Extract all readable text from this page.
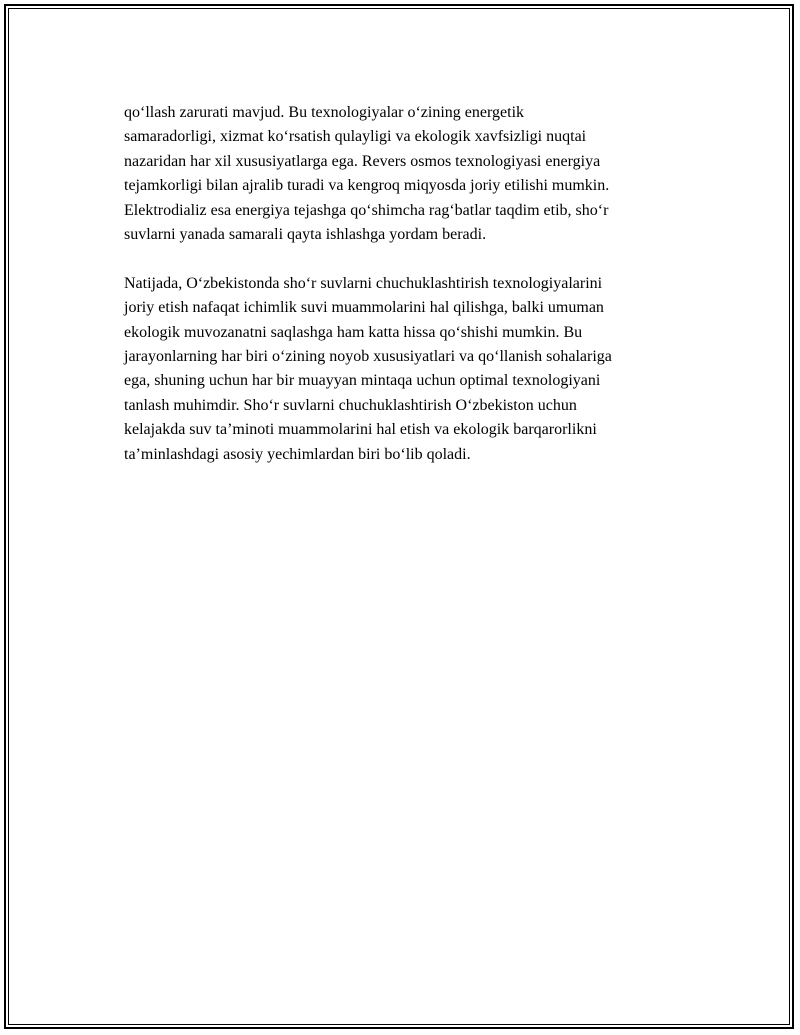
qo‘llash zarurati mavjud. Bu texnologiyalar o‘zining energetik
samaradorligi, xizmat ko‘rsatish qulayligi va ekologik xavfsizligi nuqtai
nazaridan har xil xususiyatlarga ega. Revers osmos texnologiyasi energiya
tejamkorligi bilan ajralib turadi va kengroq miqyosda joriy etilishi mumkin.
Elektrodializ esa energiya tejashga qo‘shimcha rag‘batlar taqdim etib, sho‘r
suvlarni yanada samarali qayta ishlashga yordam beradi.

Natijada, O‘zbekistonda sho‘r suvlarni chuchuklashtirish texnologiyalarini
joriy etish nafaqat ichimlik suvi muammolarini hal qilishga, balki umuman
ekologik muvozanatni saqlashga ham katta hissa qo‘shishi mumkin. Bu
jarayonlarning har biri o‘zining noyob xususiyatlari va qo‘llanish sohalariga
ega, shuning uchun har bir muayyan mintaqa uchun optimal texnologiyani
tanlash muhimdir. Sho‘r suvlarni chuchuklashtirish O‘zbekiston uchun
kelajakda suv ta’minoti muammolarini hal etish va ekologik barqarorlikni
ta’minlashdagi asosiy yechimlardan biri bo‘lib qoladi.
